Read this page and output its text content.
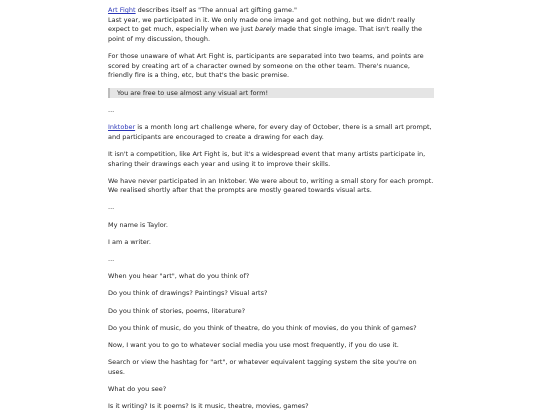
Art Fight describes itself as "The annual art gifting game."
Last year, we participated in it. We only made one image and got nothing, but we didn't really expect to get much, especially when we just barely made that single image. That isn't really the point of my discussion, though.

For those unaware of what Art Fight is, participants are separated into two teams, and points are scored by creating art of a character owned by someone on the other team. There's nuance, friendly fire is a thing, etc, but that's the basic premise.

You are free to use almost any visual art form!

...

Inktober is a month long art challenge where, for every day of October, there is a small art prompt, and participants are encouraged to create a drawing for each day.

It isn't a competition, like Art Fight is, but it's a widespread event that many artists participate in, sharing their drawings each year and using it to improve their skills.

We have never participated in an Inktober. We were about to, writing a small story for each prompt. We realised shortly after that the prompts are mostly geared towards visual arts.

...

My name is Taylor.

I am a writer.

...

When you hear "art", what do you think of?

Do you think of drawings? Paintings? Visual arts?

Do you think of stories, poems, literature?

Do you think of music, do you think of theatre, do you think of movies, do you think of games?

Now, I want you to go to whatever social media you use most frequently, if you do use it.

Search or view the hashtag for "art", or whatever equivalent tagging system the site you're on uses.

What do you see?

Is it writing? Is it poems? Is it music, theatre, movies, games?
